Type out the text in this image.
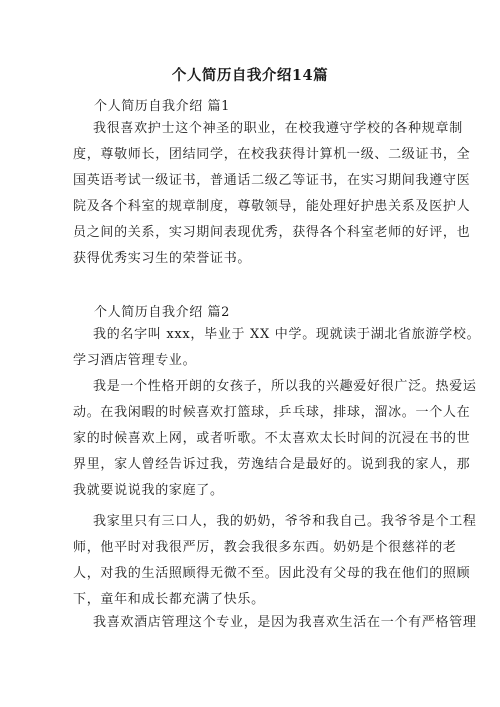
个人简历自我介绍14篇
个人简历自我介绍 篇1
我很喜欢护士这个神圣的职业，在校我遵守学校的各种规章制
度，尊敬师长，团结同学，在校我获得计算机一级、二级证书，全
国英语考试一级证书，普通话二级乙等证书，在实习期间我遵守医
院及各个科室的规章制度，尊敬领导，能处理好护患关系及医护人
员之间的关系，实习期间表现优秀，获得各个科室老师的好评，也
获得优秀实习生的荣誉证书。
个人简历自我介绍 篇2
我的名字叫 xxx，毕业于 XX 中学。现就读于湖北省旅游学校。
学习酒店管理专业。
我是一个性格开朗的女孩子，所以我的兴趣爱好很广泛。热爱运
动。在我闲暇的时候喜欢打篮球，乒乓球，排球，溜冰。一个人在
家的时候喜欢上网，或者听歌。不太喜欢太长时间的沉浸在书的世
界里，家人曾经告诉过我，劳逸结合是最好的。说到我的家人，那
我就要说说我的家庭了。
我家里只有三口人，我的奶奶，爷爷和我自己。我爷爷是个工程
师，他平时对我很严厉，教会我很多东西。奶奶是个很慈祥的老
人，对我的生活照顾得无微不至。因此没有父母的我在他们的照顾
下，童年和成长都充满了快乐。
我喜欢酒店管理这个专业，是因为我喜欢生活在一个有严格管理
